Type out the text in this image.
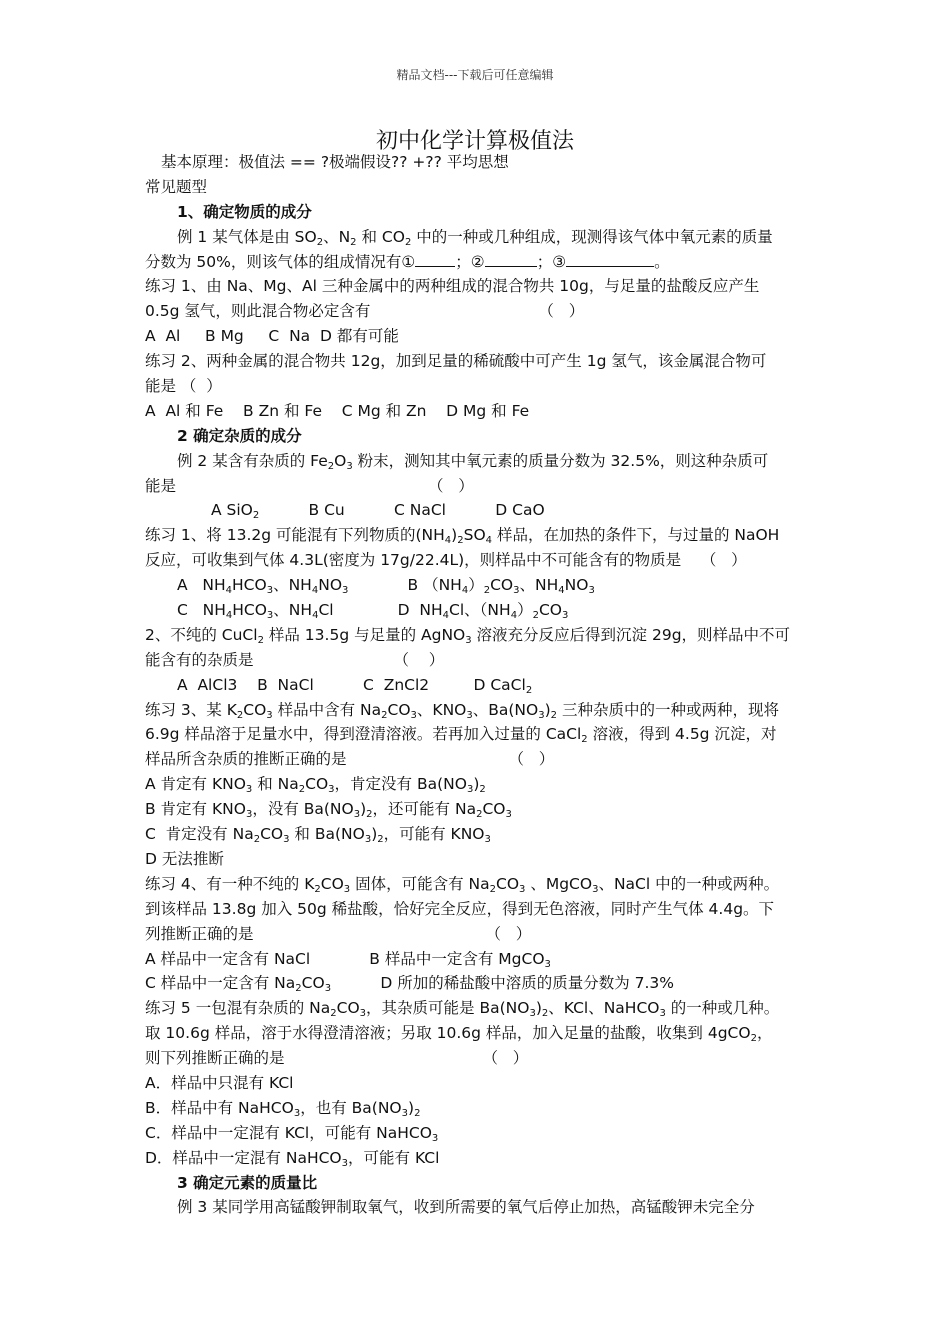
精品文档---下载后可任意编辑
初中化学计算极值法
基本原理：极值法 == ?极端假设?? +?? 平均思想
常见题型
1、确定物质的成分
例 1 某气体是由 $SO_2$、$N_2$ 和 $CO_2$ 中的一种或几种组成，现测得该气体中氧元素的质量
分数为 50%，则该气体的组成情况有①	；②	；③	。
练习 1、由 Na、Mg、Al 三种金属中的两种组成的混合物共 10g，与足量的盐酸反应产生
0.5g 氢气，则此混合物必定含有	（   ）
A  Al     B Mg     C  Na  D 都有可能
练习 2、两种金属的混合物共 12g，加到足量的稀硫酸中可产生 1g 氢气，该金属混合物可
能是 （  ）
A  Al 和 Fe    B Zn 和 Fe    C Mg 和 Zn    D Mg 和 Fe
2 确定杂质的成分
例 2 某含有杂质的 $Fe_2O_3$ 粉末，测知其中氧元素的质量分数为 32.5%，则这种杂质可
能是	（   ）
A SiO$_2$          B Cu          C NaCl          D CaO
练习 1、将 13.2g 可能混有下列物质的$(NH_4)_2SO_4$ 样品，在加热的条件下，与过量的 NaOH
反应，可收集到气体 4.3L(密度为 17g/22.4L)，则样品中不可能含有的物质是    （   ）
A   $NH_4HCO_3$、$NH_4NO_3$            B $(NH_4)_2CO_3$、$NH_4NO_3$
C   $NH_4HCO_3$、$NH_4Cl$             D  $NH_4Cl$、$(NH_4)_2CO_3$
2、不纯的 CuCl$_2$ 样品 13.5g 与足量的 AgNO$_3$ 溶液充分反应后得到沉淀 29g，则样品中不可
能含有的杂质是	（    ）
A  AlCl3    B  NaCl          C  ZnCl2         D CaCl$_2$
练习 3、某 $K_2CO_3$ 样品中含有 $Na_2CO_3$、$KNO_3$、$Ba(NO_3)_2$ 三种杂质中的一种或两种，现将
6.9g 样品溶于足量水中，得到澄清溶液。若再加入过量的 CaCl$_2$ 溶液，得到 4.5g 沉淀，对
样品所含杂质的推断正确的是	（   ）
A 肯定有 $KNO_3$ 和 $Na_2CO_3$，肯定没有 $Ba(NO_3)_2$
B 肯定有 $KNO_3$，没有 $Ba(NO_3)_2$，还可能有 $Na_2CO_3$
C  肯定没有 $Na_2CO_3$ 和 $Ba(NO_3)_2$，可能有 $KNO_3$
D 无法推断
练习 4、有一种不纯的 $K_2CO_3$ 固体，可能含有 $Na_2CO_3$ 、MgCO$_3$、NaCl 中的一种或两种。
到该样品 13.8g 加入 50g 稀盐酸，恰好完全反应，得到无色溶液，同时产生气体 4.4g。下
列推断正确的是	（   ）
A 样品中一定含有 NaCl            B 样品中一定含有 MgCO$_3$
C 样品中一定含有 $Na_2CO_3$          D 所加的稀盐酸中溶质的质量分数为 7.3%
练习 5 一包混有杂质的 $Na_2CO_3$，其杂质可能是 $Ba(NO_3)_2$、KCl、NaHCO$_3$ 的一种或几种。
取 10.6g 样品，溶于水得澄清溶液；另取 10.6g 样品，加入足量的盐酸，收集到 4gCO$_2$，
则下列推断正确的是	（   ）
A．样品中只混有 KCl
B．样品中有 NaHCO$_3$，也有 $Ba(NO_3)_2$
C．样品中一定混有 KCl，可能有 NaHCO$_3$
D．样品中一定混有 NaHCO$_3$，可能有 KCl
3 确定元素的质量比
例 3 某同学用高锰酸钾制取氧气，收到所需要的氧气后停止加热，高锰酸钾未完全分
